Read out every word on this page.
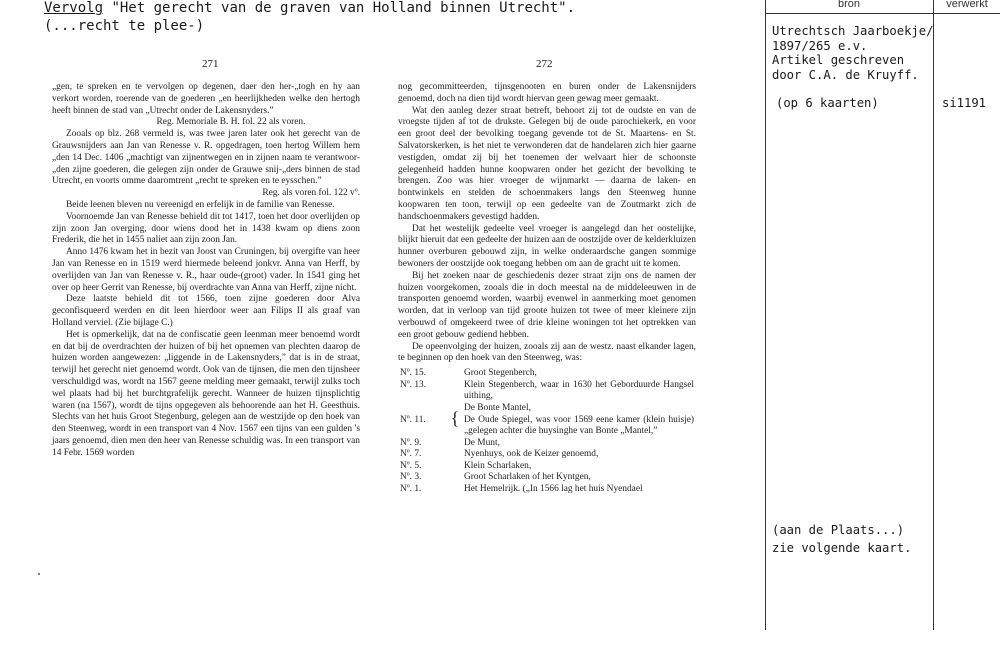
Vervolg "Het gerecht van de graven van Holland binnen Utrecht".
(...recht te plee-)
271	272

„gen, te spreken en te vervolgen op degenen, daer den her-„togh en hy aan verkort worden, roerende van de goederen „en heerlijkheden welke den hertogh heeft binnen de stad van „Utrecht onder de Lakensnyders.”

Reg. Memoriale B. H. fol. 22 als voren.

Zooals op blz. 268 vermeld is, was twee jaren later ook het gerecht van de Grauwsnijders aan Jan van Renesse v. R. opgedragen, toen hertog Willem hem „den 14 Dec. 1406 „machtigt van zijnentwegen en in zijnen naam te verantwoor-„den zijne goederen, die gelegen zijn onder de Grauwe snij-„ders binnen de stad Utrecht, en voorts omme daaromtrent „recht te spreken en te eysschen.”

Reg. als voren fol. 122 vº.

Beide leenen bleven nu vereenigd en erfelijk in de familie van Renesse.

Voornoemde Jan van Renesse behield dit tot 1417, toen het door overlijden op zijn zoon Jan overging, door wiens dood het in 1438 kwam op diens zoon Frederik, die het in 1455 naliet aan zijn zoon Jan.

Anno 1476 kwam het in bezit van Joost van Cruningen, bij overgifte van heer Jan van Renesse en in 1519 werd hiermede beleend jonkvr. Anna van Herff, by overlijden van Jan van Renesse v. R., haar oude-(groot) vader. In 1541 ging het over op heer Gerrit van Renesse, bij overdrachte van Anna van Herff, zijne nicht.

Deze laatste behield dit tot 1566, toen zijne goederen door Alva geconfisqueerd werden en dit leen hierdoor weer aan Filips II als graaf van Holland verviel. (Zie bijlage C.)

Het is opmerkelijk, dat na de confiscatie geen leenman meer benoemd wordt en dat bij de overdrachten der huizen of bij het opnemen van plechten daarop de huizen worden aangewezen: „liggende in de Lakensnyders,” dat is in de straat, terwijl het gerecht niet genoemd wordt. Ook van de tijnsen, die men den tijnsheer verschuldigd was, wordt na 1567 geene melding meer gemaakt, terwijl zulks toch wel plaats had bij het burchtgrafelijk gerecht. Wanneer de huizen tijnsplichtig waren (na 1567), wordt de tijns opgegeven als behoorende aan het H. Geesthuis. Slechts van het huis Groot Stegenburg, gelegen aan de westzijde op den hoek van den Steenweg, wordt in een transport van 4 Nov. 1567 een tijns van een gulden 's jaars genoemd, dien men den heer van Renesse schuldig was. In een transport van 14 Febr. 1569 worden

nog gecommitteerden, tijnsgenooten en buren onder de Lakensnijders genoemd, doch na dien tijd wordt hiervan geen gewag meer gemaakt.

Wat den aanleg dezer straat betreft, behoort zij tot de oudste en van de vroegste tijden af tot de drukste. Gelegen bij de oude parochiekerk, en voor een groot deel der bevolking toegang gevende tot de St. Maartens- en St. Salvatorskerken, is het niet te verwonderen dat de handelaren zich hier gaarne vestigden, omdat zij bij het toenemen der welvaart hier de schoonste gelegenheid hadden hunne koopwaren onder het gezicht der bevolking te brengen. Zoo was hier vroeger de wijnmarkt — daarna de laken- en bontwinkels en stelden de schoenmakers langs den Steenweg hunne koopwaren ten toon, terwijl op een gedeelte van de Zoutmarkt zich de handschoenmakers gevestigd hadden.

Dat het westelijk gedeelte veel vroeger is aangelegd dan het oostelijke, blijkt hieruit dat een gedeelte der huizen aan de oostzijde over de kelderkluizen hunner overburen gebouwd zijn, in welke onderaardsche gangen sommige bewoners der oostzijde ook toegang hebben om aan de gracht uit te komen.

Bij het zoeken naar de geschiedenis dezer straat zijn ons de namen der huizen voorgekomen, zooals die in doch meestal na de middeleeuwen in de transporten genoemd worden, waarbij evenwel in aanmerking moet genomen worden, dat in verloop van tijd groote huizen tot twee of meer kleinere zijn verbouwd of omgekeerd twee of drie kleine woningen tot het optrekken van een groot gebouw gediend hebben.

De opeenvolging der huizen, zooals zij aan de westz. naast elkander lagen, te beginnen op den hoek van den Steenweg, was:

Nº. 15.		Groot Stegenberch,
Nº. 13.		Klein Stegenberch, waar in 1630 het Geborduurde Hangsel uithing,
Nº. 11.	{	De Bonte Mantel,
		De Oude Spiegel, was voor 1569 eene kamer (klein huisje) „gelegen achter die huysinghe van Bonte „Mantel,”
Nº. 9.		De Munt,
Nº. 7.		Nyenhuys, ook de Keizer genoemd,
Nº. 5.		Klein Scharlaken,
Nº. 3.		Groot Scharlaken of het Kyntgen,
Nº. 1.		Het Hemelrijk. („In 1566 lag het huis Nyendael
bron	verwerkt
Utrechtsch Jaarboekje/
1897/265 e.v.
Artikel geschreven
door C.A. de Kruyff.
(op 6 kaarten)	si1191
(aan de Plaats...)
zie volgende kaart.
